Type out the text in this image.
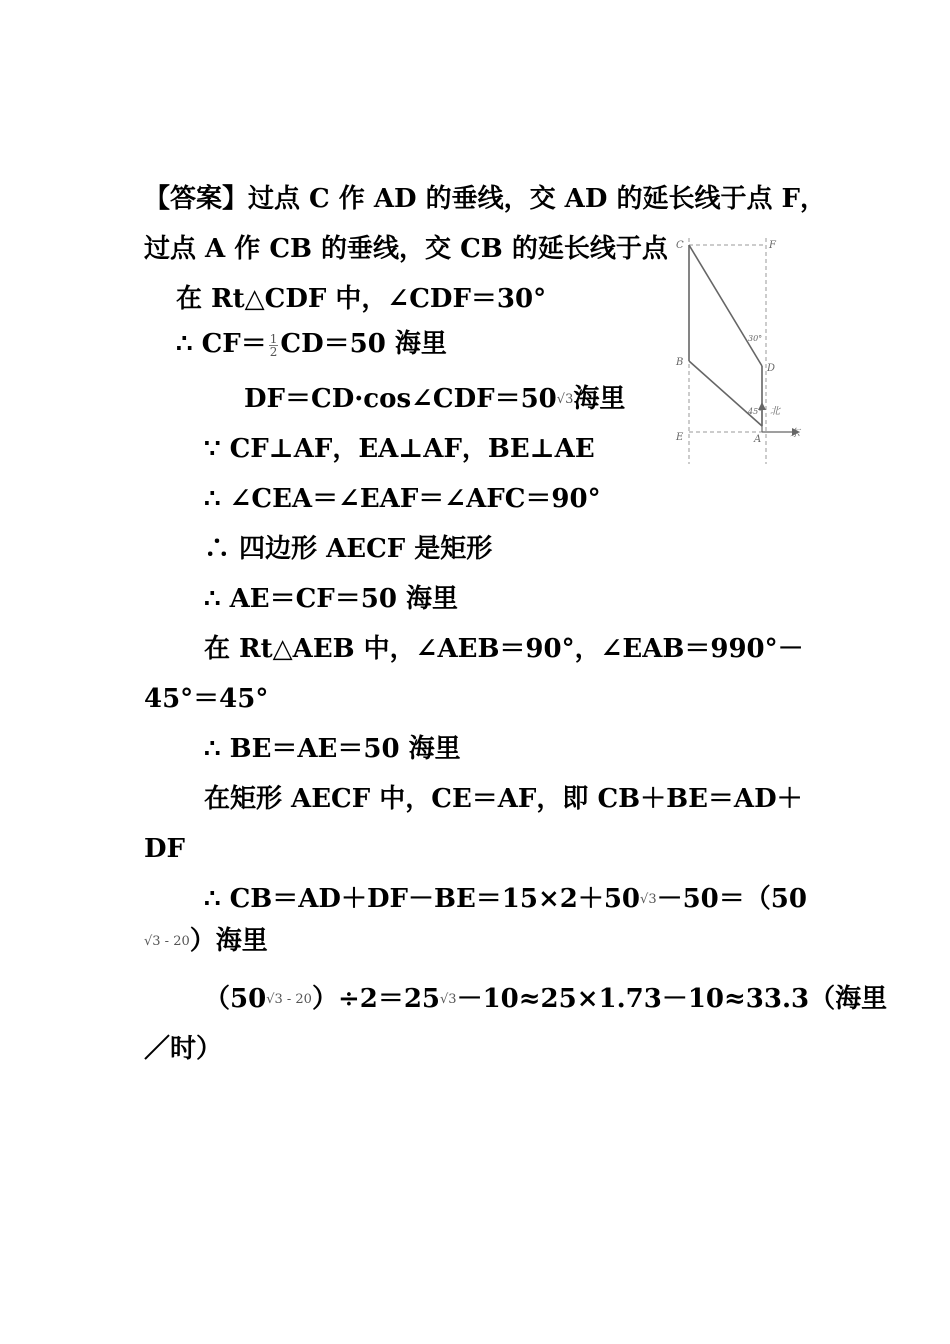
【答案】过点 C 作 AD 的垂线，交 AD 的延长线于点 F，
过点 A 作 CB 的垂线，交 CB 的延长线于点
在 Rt△CDF 中，∠CDF＝30°
∴ $CF= \frac{1}{2} CD=50$ 海里
DF＝CD·cos∠CDF＝50√3海里
∵ CF⊥AF，EA⊥AF，BE⊥AE
∴ ∠CEA＝∠EAF＝∠AFC＝90°
∴ 四边形 AECF 是矩形
∴ AE＝CF＝50 海里
在 Rt△AEB 中，∠AEB＝90°，∠EAB＝990°－
45°＝45°
∴ BE＝AE＝50 海里
在矩形 AECF 中，CE＝AF，即 CB＋BE＝AD＋
DF
∴ CB＝AD＋DF－BE＝15×2＋50√3－50＝（50
√3 - 20）海里
（50√3 - 20）÷2＝25√3－10≈25×1.73－10≈33.3（海里
／时）
C	F
B
D
E	A
30°
45° 北
东
